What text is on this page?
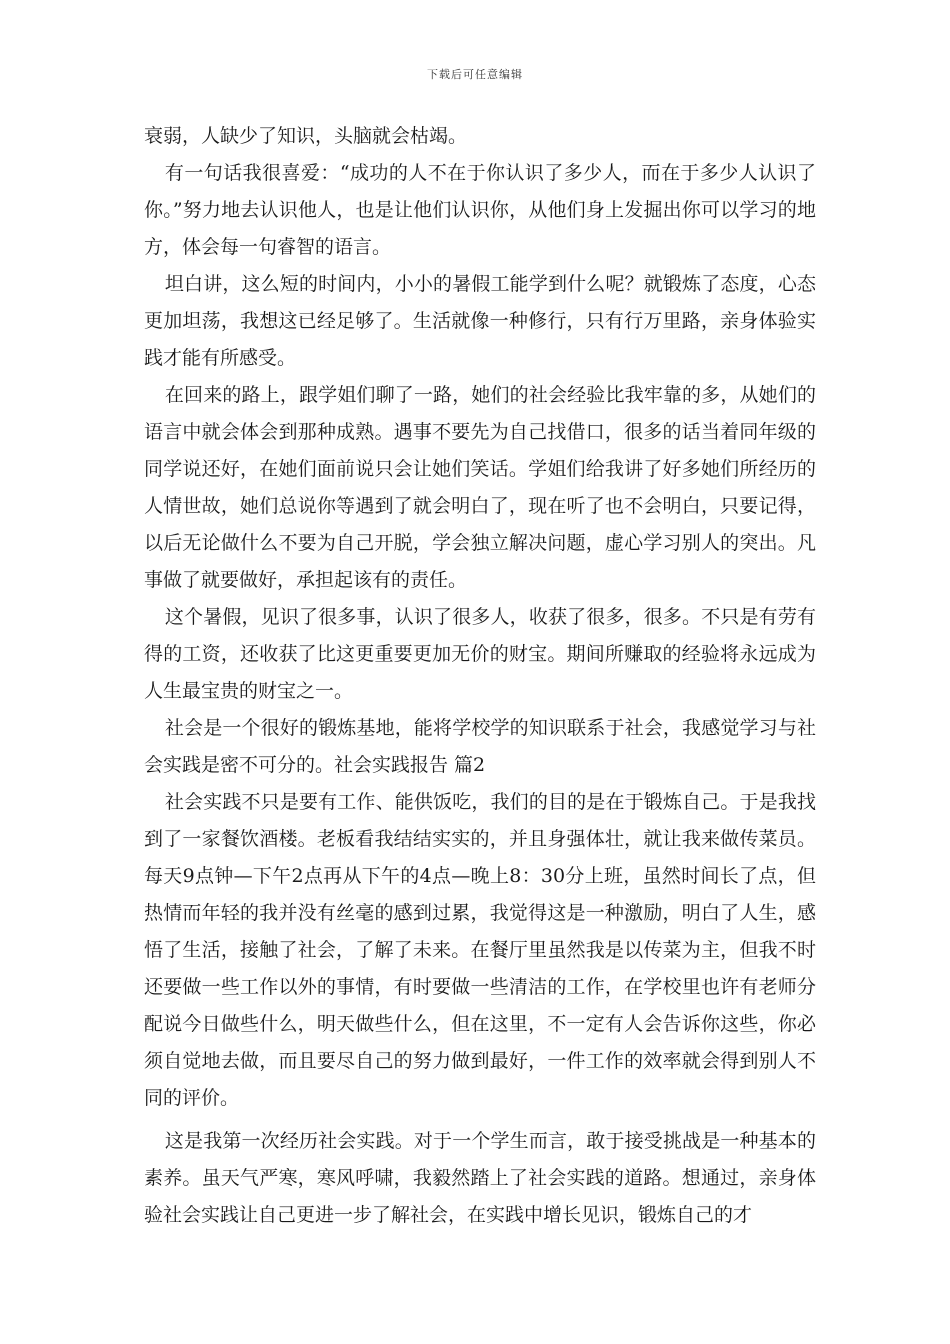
下载后可任意编辑

衰弱，人缺少了知识，头脑就会枯竭。

有一句话我很喜爱：“成功的人不在于你认识了多少人，而在于多少人认识了你。”努力地去认识他人，也是让他们认识你，从他们身上发掘出你可以学习的地方，体会每一句睿智的语言。

坦白讲，这么短的时间内，小小的暑假工能学到什么呢？就锻炼了态度，心态更加坦荡，我想这已经足够了。生活就像一种修行，只有行万里路，亲身体验实践才能有所感受。

在回来的路上，跟学姐们聊了一路，她们的社会经验比我牢靠的多，从她们的语言中就会体会到那种成熟。遇事不要先为自己找借口，很多的话当着同年级的同学说还好，在她们面前说只会让她们笑话。学姐们给我讲了好多她们所经历的人情世故，她们总说你等遇到了就会明白了，现在听了也不会明白，只要记得，以后无论做什么不要为自己开脱，学会独立解决问题，虚心学习别人的突出。凡事做了就要做好，承担起该有的责任。

这个暑假，见识了很多事，认识了很多人，收获了很多，很多。不只是有劳有得的工资，还收获了比这更重要更加无价的财宝。期间所赚取的经验将永远成为人生最宝贵的财宝之一。

社会是一个很好的锻炼基地，能将学校学的知识联系于社会，我感觉学习与社会实践是密不可分的。社会实践报告 篇2

社会实践不只是要有工作、能供饭吃，我们的目的是在于锻炼自己。于是我找到了一家餐饮酒楼。老板看我结结实实的，并且身强体壮，就让我来做传菜员。每天9点钟—下午2点再从下午的4点—晚上8：30分上班，虽然时间长了点，但热情而年轻的我并没有丝毫的感到过累，我觉得这是一种激励，明白了人生，感悟了生活，接触了社会，了解了未来。在餐厅里虽然我是以传菜为主，但我不时还要做一些工作以外的事情，有时要做一些清洁的工作，在学校里也许有老师分配说今日做些什么，明天做些什么，但在这里，不一定有人会告诉你这些，你必须自觉地去做，而且要尽自己的努力做到最好，一件工作的效率就会得到别人不同的评价。

这是我第一次经历社会实践。对于一个学生而言，敢于接受挑战是一种基本的素养。虽天气严寒，寒风呼啸，我毅然踏上了社会实践的道路。想通过，亲身体验社会实践让自己更进一步了解社会，在实践中增长见识，锻炼自己的才
